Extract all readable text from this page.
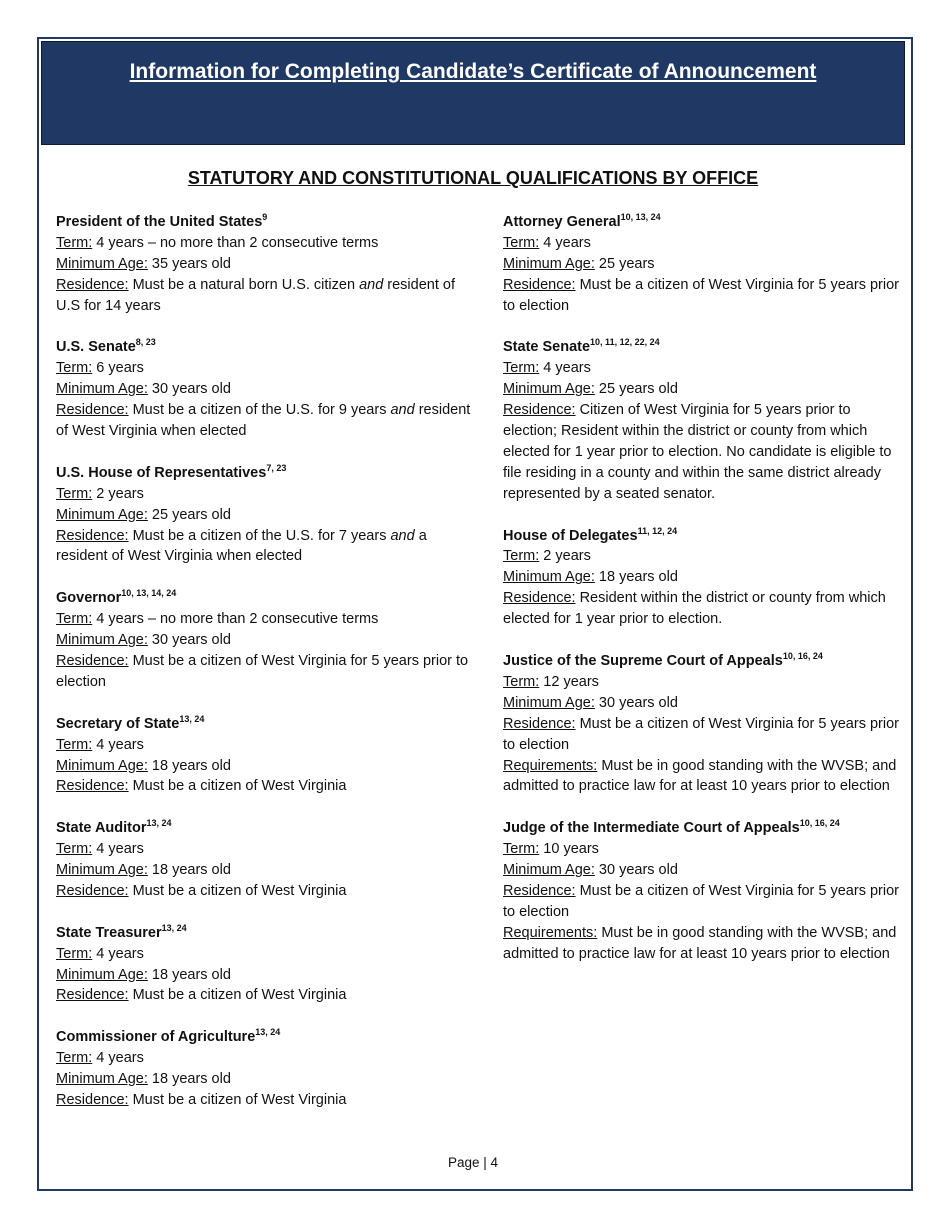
Information for Completing Candidate’s Certificate of Announcement
STATUTORY AND CONSTITUTIONAL QUALIFICATIONS BY OFFICE
President of the United States$^9$
Term: 4 years – no more than 2 consecutive terms
Minimum Age: 35 years old
Residence: Must be a natural born U.S. citizen and resident of U.S for 14 years
U.S. Senate$^{8, 23}$
Term: 6 years
Minimum Age: 30 years old
Residence: Must be a citizen of the U.S. for 9 years and resident of West Virginia when elected
U.S. House of Representatives$^{7, 23}$
Term: 2 years
Minimum Age: 25 years old
Residence: Must be a citizen of the U.S. for 7 years and a resident of West Virginia when elected
Governor$^{10, 13, 14, 24}$
Term: 4 years – no more than 2 consecutive terms
Minimum Age: 30 years old
Residence: Must be a citizen of West Virginia for 5 years prior to election
Secretary of State$^{13, 24}$
Term: 4 years
Minimum Age: 18 years old
Residence: Must be a citizen of West Virginia
State Auditor$^{13, 24}$
Term: 4 years
Minimum Age: 18 years old
Residence: Must be a citizen of West Virginia
State Treasurer$^{13, 24}$
Term: 4 years
Minimum Age: 18 years old
Residence: Must be a citizen of West Virginia
Commissioner of Agriculture$^{13, 24}$
Term: 4 years
Minimum Age: 18 years old
Residence: Must be a citizen of West Virginia
Attorney General$^{10, 13, 24}$
Term: 4 years
Minimum Age: 25 years
Residence: Must be a citizen of West Virginia for 5 years prior to election
State Senate$^{10, 11, 12, 22, 24}$
Term: 4 years
Minimum Age: 25 years old
Residence: Citizen of West Virginia for 5 years prior to election; Resident within the district or county from which elected for 1 year prior to election. No candidate is eligible to file residing in a county and within the same district already represented by a seated senator.
House of Delegates$^{11, 12, 24}$
Term: 2 years
Minimum Age: 18 years old
Residence: Resident within the district or county from which elected for 1 year prior to election.
Justice of the Supreme Court of Appeals$^{10, 16, 24}$
Term: 12 years
Minimum Age: 30 years old
Residence: Must be a citizen of West Virginia for 5 years prior to election
Requirements: Must be in good standing with the WVSB; and admitted to practice law for at least 10 years prior to election
Judge of the Intermediate Court of Appeals$^{10, 16, 24}$
Term: 10 years
Minimum Age: 30 years old
Residence: Must be a citizen of West Virginia for 5 years prior to election
Requirements: Must be in good standing with the WVSB; and admitted to practice law for at least 10 years prior to election
Page | 4
